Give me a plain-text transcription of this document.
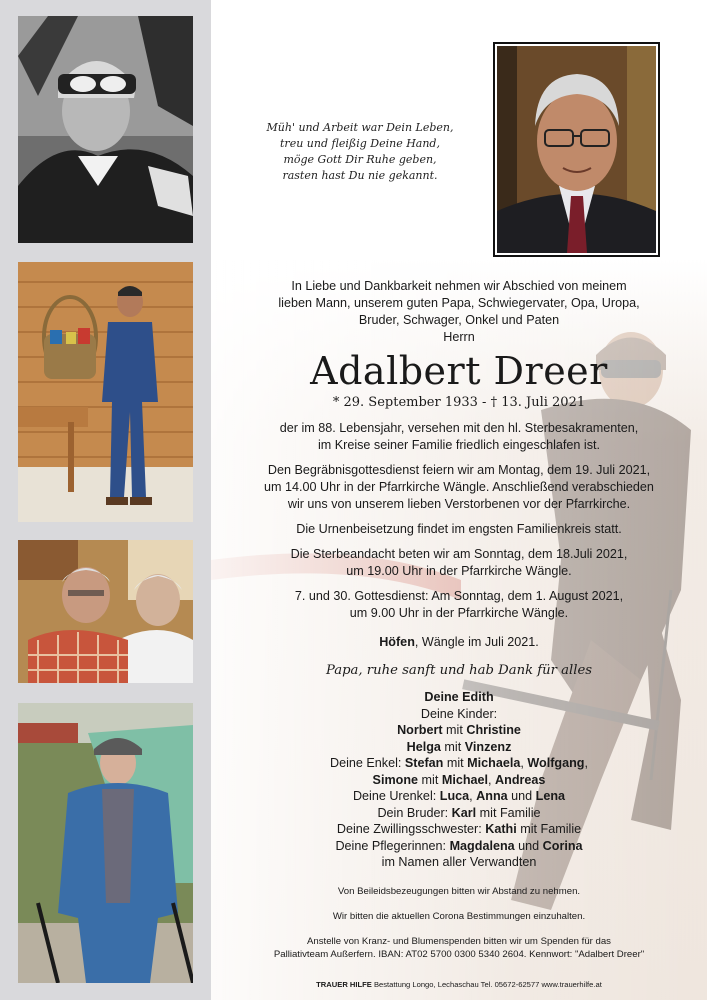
Müh' und Arbeit war Dein Leben,
treu und fleißig Deine Hand,
möge Gott Dir Ruhe geben,
rasten hast Du nie gekannt.
In Liebe und Dankbarkeit nehmen wir Abschied von meinem
lieben Mann, unserem guten Papa, Schwiegervater, Opa, Uropa,
Bruder, Schwager, Onkel und Paten
Herrn
Adalbert Dreer
* 29. September 1933 - † 13. Juli 2021
der im 88. Lebensjahr, versehen mit den hl. Sterbesakramenten,
im Kreise seiner Familie friedlich eingeschlafen ist.
Den Begräbnisgottesdienst feiern wir am Montag, dem 19. Juli 2021,
um 14.00 Uhr in der Pfarrkirche Wängle. Anschließend verabschieden
wir uns von unserem lieben Verstorbenen vor der Pfarrkirche.
Die Urnenbeisetzung findet im engsten Familienkreis statt.
Die Sterbeandacht beten wir am Sonntag, dem 18.Juli 2021,
um 19.00 Uhr in der Pfarrkirche Wängle.
7. und 30. Gottesdienst: Am Sonntag, dem 1. August 2021,
um 9.00 Uhr in der Pfarrkirche Wängle.
Höfen, Wängle im Juli 2021.
Papa, ruhe sanft und hab Dank für alles
Deine Edith
Deine Kinder:
Norbert mit Christine
Helga mit Vinzenz
Deine Enkel: Stefan mit Michaela, Wolfgang,
Simone mit Michael, Andreas
Deine Urenkel: Luca, Anna und Lena
Dein Bruder: Karl mit Familie
Deine Zwillingsschwester: Kathi mit Familie
Deine Pflegerinnen: Magdalena und Corina
im Namen aller Verwandten
Von Beileidsbezeugungen bitten wir Abstand zu nehmen.
Wir bitten die aktuellen Corona Bestimmungen einzuhalten.
Anstelle von Kranz- und Blumenspenden bitten wir um Spenden für das
Palliativteam Außerfern. IBAN: AT02 5700 0300 5340 2604. Kennwort: "Adalbert Dreer"
TRAUER HILFE Bestattung Longo, Lechaschau Tel. 05672-62577 www.trauerhilfe.at
